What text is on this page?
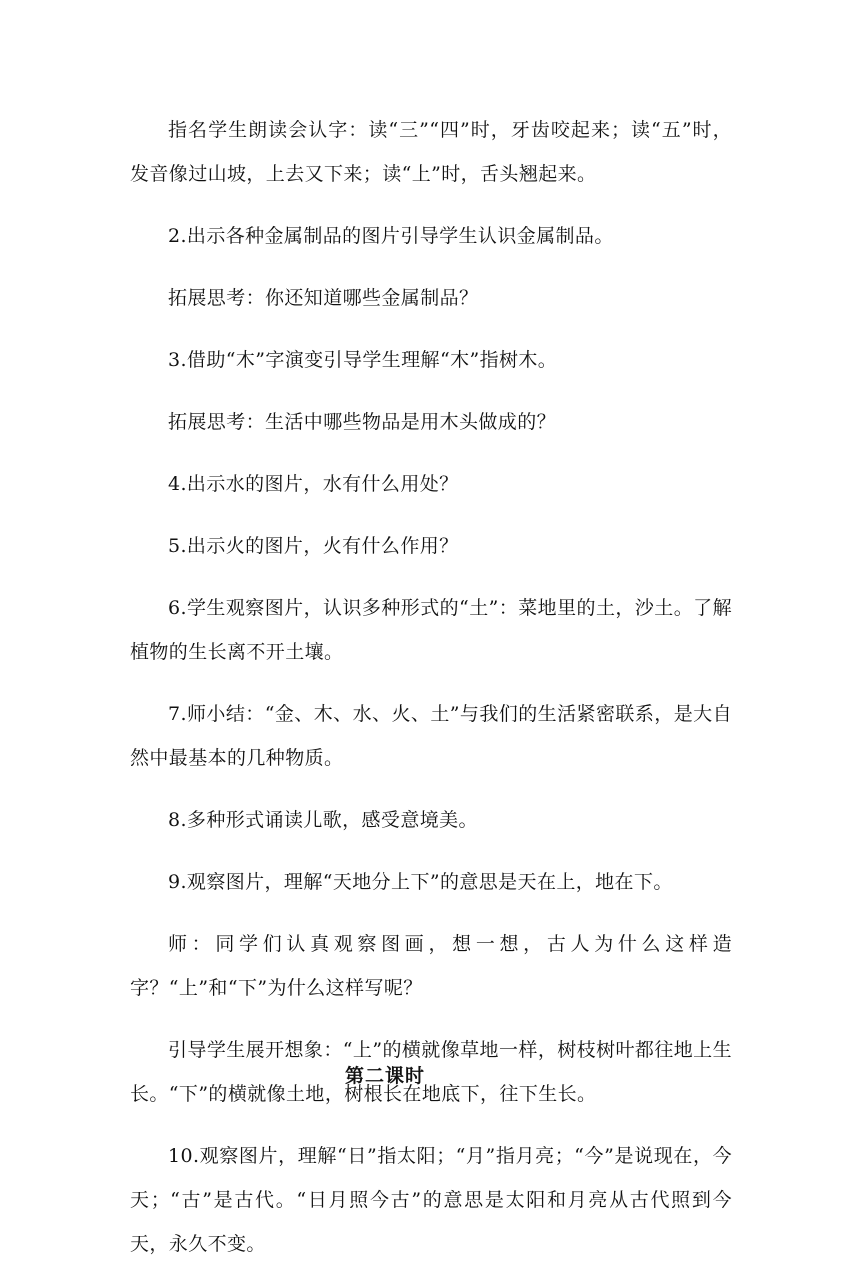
指名学生朗读会认字：读“三”“四”时，牙齿咬起来；读“五”时，发音像过山坡，上去又下来；读“上”时，舌头翘起来。

2.出示各种金属制品的图片引导学生认识金属制品。

拓展思考：你还知道哪些金属制品？

3.借助“木”字演变引导学生理解“木”指树木。

拓展思考：生活中哪些物品是用木头做成的？

4.出示水的图片，水有什么用处？

5.出示火的图片，火有什么作用？

6.学生观察图片，认识多种形式的“土”：菜地里的土，沙土。了解植物的生长离不开土壤。

7.师小结：“金、木、水、火、土”与我们的生活紧密联系，是大自然中最基本的几种物质。

8.多种形式诵读儿歌，感受意境美。

9.观察图片，理解“天地分上下”的意思是天在上，地在下。

师：同学们认真观察图画，想一想，古人为什么这样造字？“上”和“下”为什么这样写呢？

引导学生展开想象：“上”的横就像草地一样，树枝树叶都往地上生长。“下”的横就像土地，树根长在地底下，往下生长。

10.观察图片，理解“日”指太阳；“月”指月亮；“今”是说现在，今天；“古”是古代。“日月照今古”的意思是太阳和月亮从古代照到今天，永久不变。

第二课时
